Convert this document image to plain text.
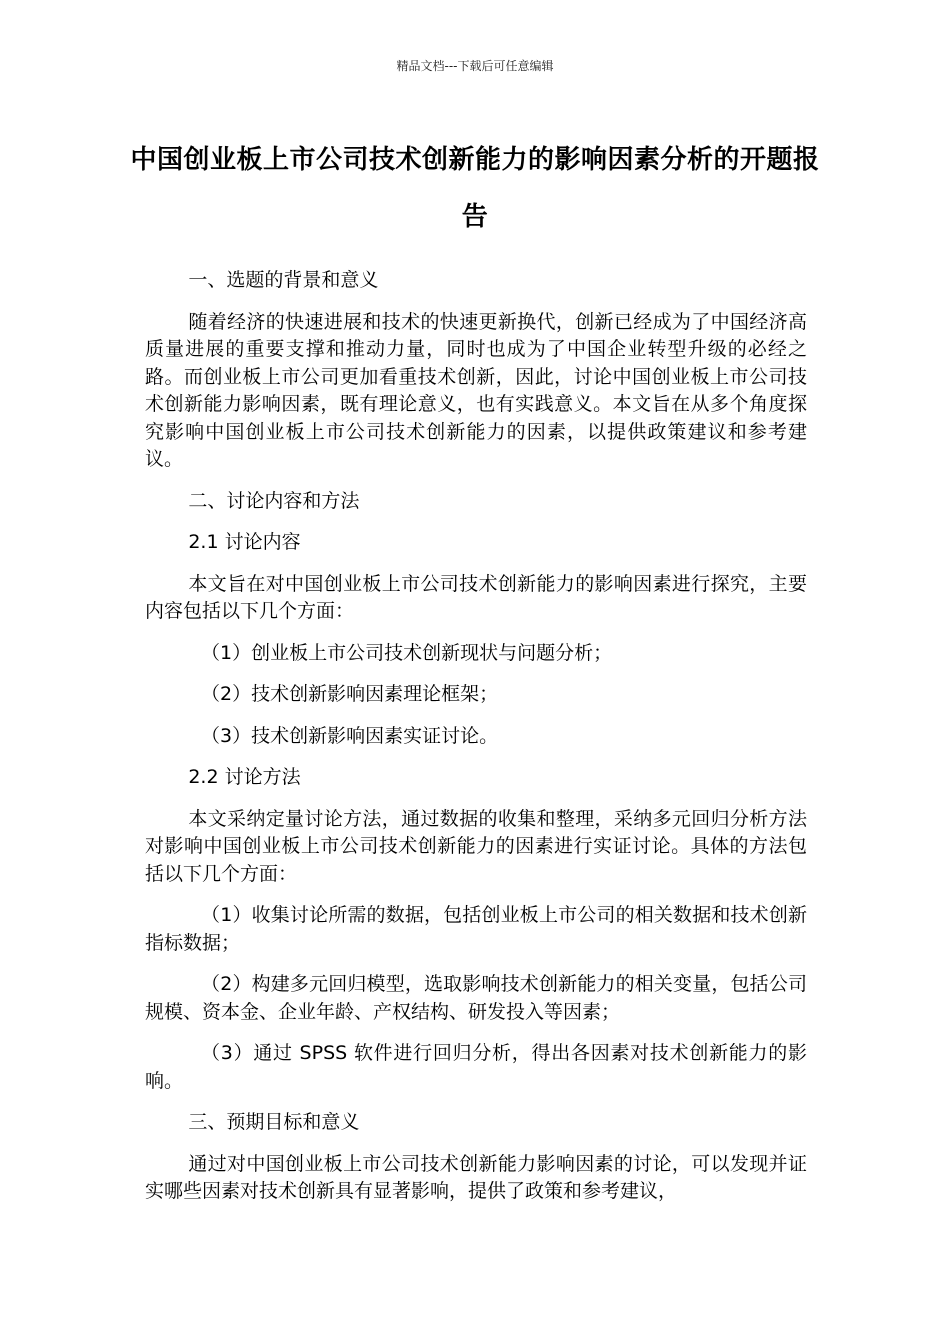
精品文档---下载后可任意编辑
中国创业板上市公司技术创新能力的影响因素分析的开题报告

一、选题的背景和意义

随着经济的快速进展和技术的快速更新换代，创新已经成为了中国经济高质量进展的重要支撑和推动力量，同时也成为了中国企业转型升级的必经之路。而创业板上市公司更加看重技术创新，因此，讨论中国创业板上市公司技术创新能力影响因素，既有理论意义，也有实践意义。本文旨在从多个角度探究影响中国创业板上市公司技术创新能力的因素，以提供政策建议和参考建议。

二、讨论内容和方法

2.1 讨论内容

本文旨在对中国创业板上市公司技术创新能力的影响因素进行探究，主要内容包括以下几个方面：

（1）创业板上市公司技术创新现状与问题分析；

（2）技术创新影响因素理论框架；

（3）技术创新影响因素实证讨论。

2.2 讨论方法

本文采纳定量讨论方法，通过数据的收集和整理，采纳多元回归分析方法对影响中国创业板上市公司技术创新能力的因素进行实证讨论。具体的方法包括以下几个方面：

（1）收集讨论所需的数据，包括创业板上市公司的相关数据和技术创新指标数据；

（2）构建多元回归模型，选取影响技术创新能力的相关变量，包括公司规模、资本金、企业年龄、产权结构、研发投入等因素；

（3）通过 SPSS 软件进行回归分析，得出各因素对技术创新能力的影响。

三、预期目标和意义

通过对中国创业板上市公司技术创新能力影响因素的讨论，可以发现并证实哪些因素对技术创新具有显著影响，提供了政策和参考建议，
